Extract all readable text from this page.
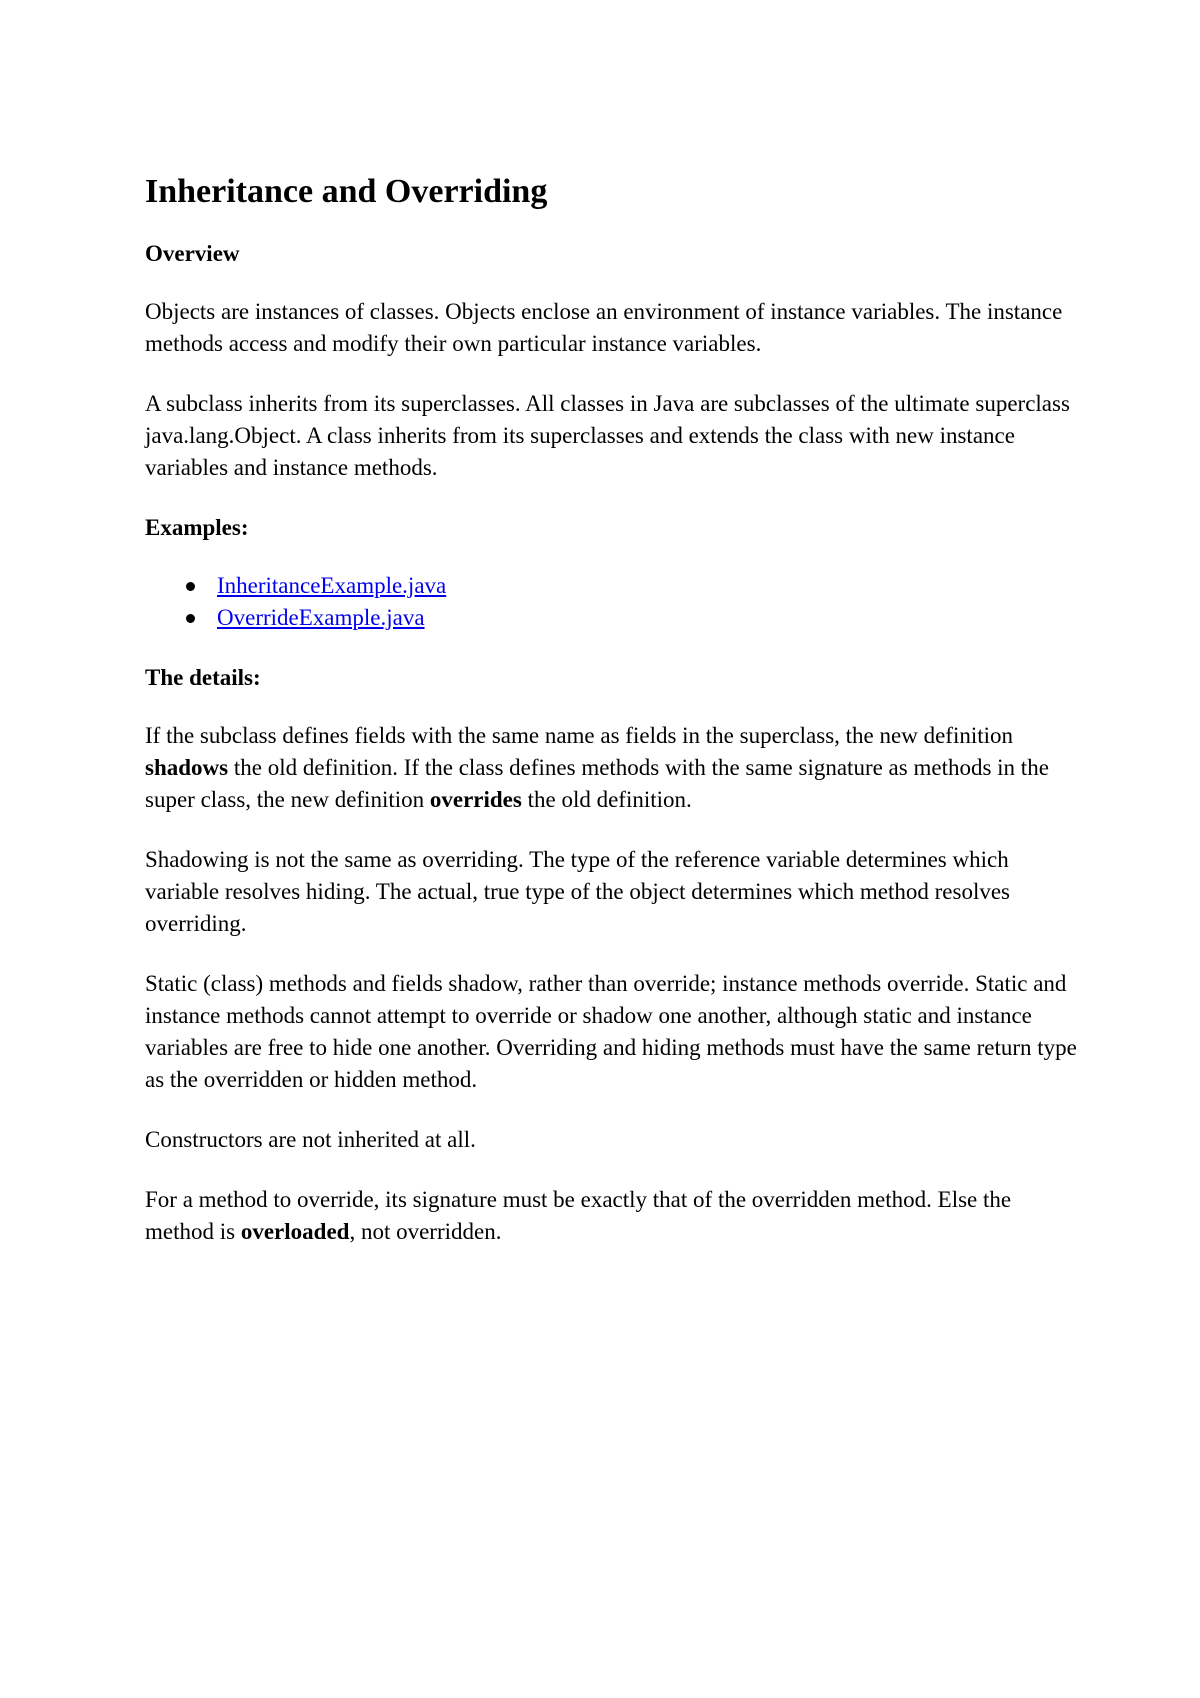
Inheritance and Overriding
Overview

Objects are instances of classes. Objects enclose an environment of instance variables. The instance methods access and modify their own particular instance variables.

A subclass inherits from its superclasses. All classes in Java are subclasses of the ultimate superclass java.lang.Object. A class inherits from its superclasses and extends the class with new instance variables and instance methods.

Examples:
InheritanceExample.java
OverrideExample.java
The details:

If the subclass defines fields with the same name as fields in the superclass, the new definition shadows the old definition. If the class defines methods with the same signature as methods in the super class, the new definition overrides the old definition.

Shadowing is not the same as overriding. The type of the reference variable determines which variable resolves hiding. The actual, true type of the object determines which method resolves overriding.

Static (class) methods and fields shadow, rather than override; instance methods override. Static and instance methods cannot attempt to override or shadow one another, although static and instance variables are free to hide one another. Overriding and hiding methods must have the same return type as the overridden or hidden method.

Constructors are not inherited at all.

For a method to override, its signature must be exactly that of the overridden method. Else the method is overloaded, not overridden.
